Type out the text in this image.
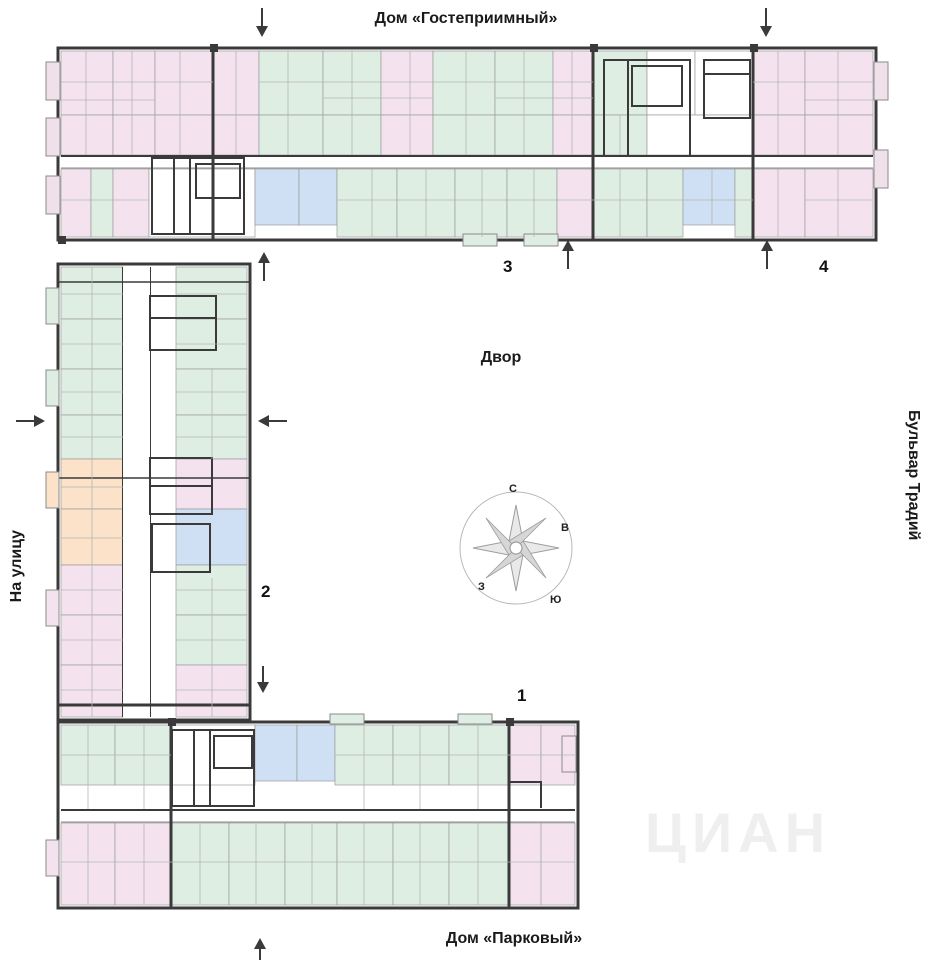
ЦИАН
Дом «Гостеприимный»
Дом «Парковый»
На улицу
Бульвар Традий
Двор
1
2
3	4
С
В
Ю
З
